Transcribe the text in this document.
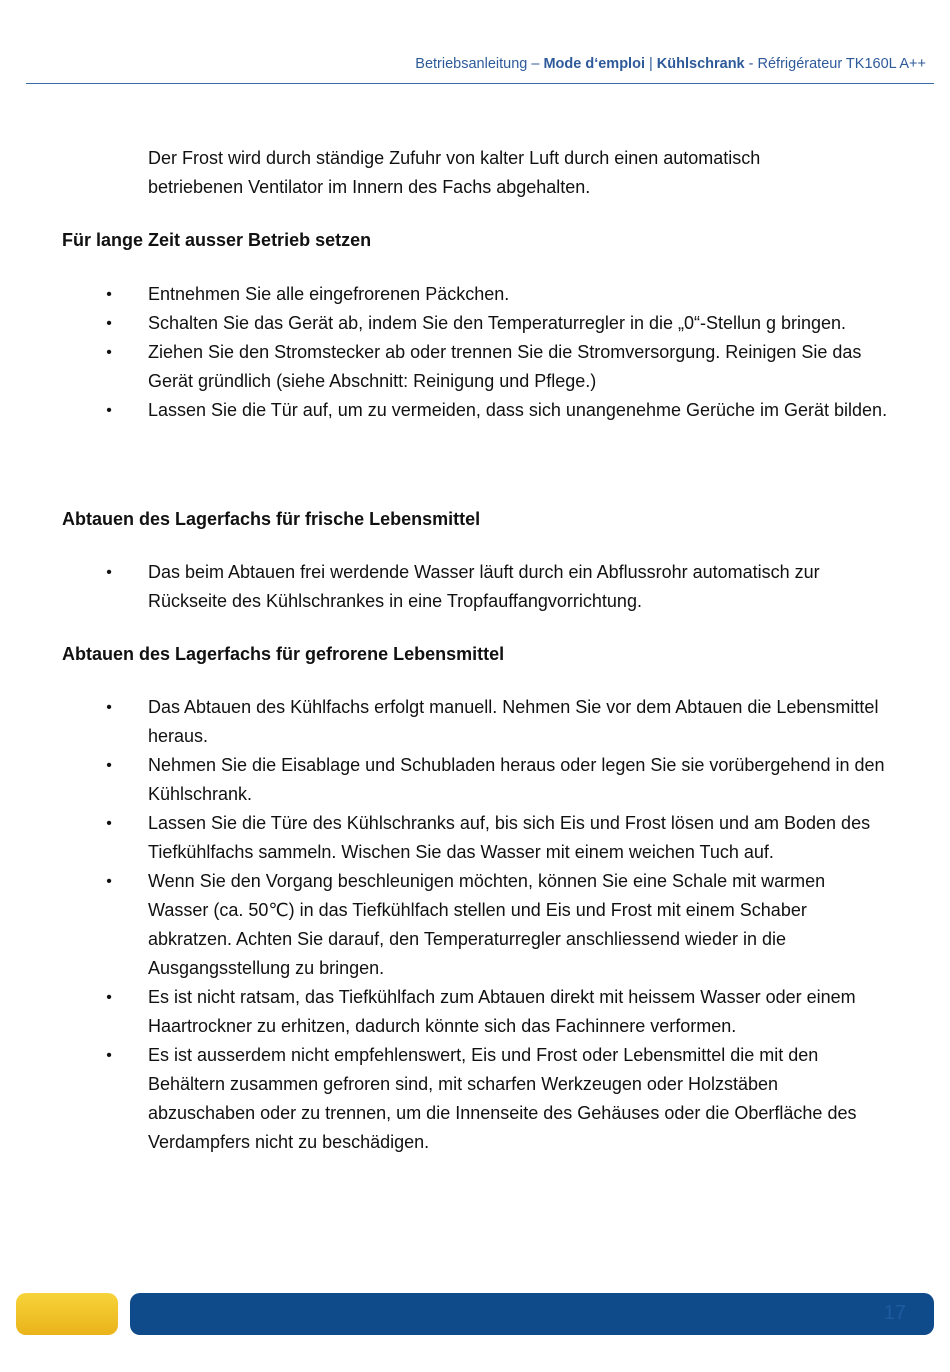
Betriebsanleitung – Mode d‘emploi | Kühlschrank - Réfrigérateur TK160L A++

Der Frost wird durch ständige Zufuhr von kalter Luft durch einen automatisch
betriebenen Ventilator im Innern des Fachs abgehalten.

Für lange Zeit ausser Betrieb setzen
• Entnehmen Sie alle eingefrorenen Päckchen.
• Schalten Sie das Gerät ab, indem Sie den Temperaturregler in die „0“-Stellun g bringen.
• Ziehen Sie den Stromstecker ab oder trennen Sie die Stromversorgung. Reinigen Sie das Gerät gründlich (siehe Abschnitt: Reinigung und Pflege.)
• Lassen Sie die Tür auf, um zu vermeiden, dass sich unangenehme Gerüche im Gerät bilden.
Abtauen des Lagerfachs für frische Lebensmittel
• Das beim Abtauen frei werdende Wasser läuft durch ein Abflussrohr automatisch zur Rückseite des Kühlschrankes in eine Tropfauffangvorrichtung.
Abtauen des Lagerfachs für gefrorene Lebensmittel
• Das Abtauen des Kühlfachs erfolgt manuell. Nehmen Sie vor dem Abtauen die Lebensmittel heraus.
• Nehmen Sie die Eisablage und Schubladen heraus oder legen Sie sie vorübergehend in den Kühlschrank.
• Lassen Sie die Türe des Kühlschranks auf, bis sich Eis und Frost lösen und am Boden des Tiefkühlfachs sammeln. Wischen Sie das Wasser mit einem weichen Tuch auf.
• Wenn Sie den Vorgang beschleunigen möchten, können Sie eine Schale mit warmen Wasser (ca. 50℃) in das Tiefkühlfach stellen und Eis und Frost mit einem Schaber abkratzen. Achten Sie darauf, den Temperaturregler anschliessend wieder in die Ausgangsstellung zu bringen.
• Es ist nicht ratsam, das Tiefkühlfach zum Abtauen direkt mit heissem Wasser oder einem Haartrockner zu erhitzen, dadurch könnte sich das Fachinnere verformen.
• Es ist ausserdem nicht empfehlenswert, Eis und Frost oder Lebensmittel die mit den Behältern zusammen gefroren sind, mit scharfen Werkzeugen oder Holzstäben abzuschaben oder zu trennen, um die Innenseite des Gehäuses oder die Oberfläche des Verdampfers nicht zu beschädigen.
17
